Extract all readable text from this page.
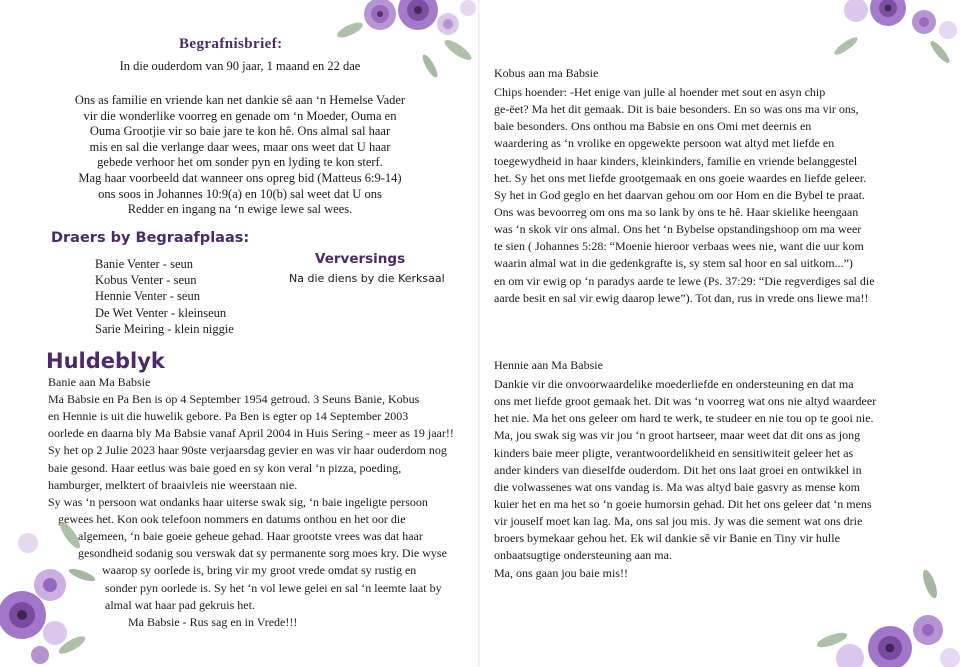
Begrafnisbrief:
In die ouderdom van 90 jaar, 1 maand en 22 dae

Ons as familie en vriende kan net dankie sê aan ‘n Hemelse Vader

vir die wonderlike voorreg en genade om ‘n Moeder, Ouma en

Ouma Grootjie vir so baie jare te kon hê. Ons almal sal haar

mis en sal die verlange daar wees, maar ons weet dat U haar

gebede verhoor het om sonder pyn en lyding te kon sterf.

Mag haar voorbeeld dat wanneer ons opreg bid (Matteus 6:9-14)

ons soos in Johannes 10:9(a) en 10(b) sal weet dat U ons

Redder en ingang na ‘n ewige lewe sal wees.

Draers by Begraafplaas:
Banie Venter - seun
Kobus Venter - seun
Hennie Venter - seun
De Wet Venter - kleinseun
Sarie Meiring - klein niggie
Verversings
Na die diens by die Kerksaal
Huldeblyk
Banie aan Ma Babsie
Ma Babsie en Pa Ben is op 4 September 1954 getroud. 3 Seuns Banie, Kobus
en Hennie is uit die huwelik gebore. Pa Ben is egter op 14 September 2003
oorlede en daarna bly Ma Babsie vanaf April 2004 in Huis Sering - meer as 19 jaar!!
Sy het op 2 Julie 2023 haar 90ste verjaarsdag gevier en was vir haar ouderdom nog
baie gesond. Haar eetlus was baie goed en sy kon veral ‘n pizza, poeding,
hamburger, melktert of braaivleis nie weerstaan nie.
Sy was ‘n persoon wat ondanks haar uiterse swak sig, ‘n baie ingeligte persoon
gewees het. Kon ook telefoon nommers en datums onthou en het oor die
algemeen, ‘n baie goeie geheue gehad. Haar grootste vrees was dat haar
gesondheid sodanig sou verswak dat sy permanente sorg moes kry. Die wyse
waarop sy oorlede is, bring vir my groot vrede omdat sy rustig en
sonder pyn oorlede is. Sy het ‘n vol lewe gelei en sal ‘n leemte laat by
almal wat haar pad gekruis het.
Ma Babsie - Rus sag en in Vrede!!!
Kobus aan ma Babsie
Chips hoender: -Het enige van julle al hoender met sout en asyn chip
ge-ëet? Ma het dit gemaak. Dit is baie besonders. En so was ons ma vir ons,
baie besonders. Ons onthou ma Babsie en ons Omi met deernis en
waardering as ‘n vrolike en opgewekte persoon wat altyd met liefde en
toegewydheid in haar kinders, kleinkinders, familie en vriende belanggestel
het. Sy het ons met liefde grootgemaak en ons goeie waardes en liefde geleer.
Sy het in God geglo en het daarvan gehou om oor Hom en die Bybel te praat.
Ons was bevoorreg om ons ma so lank by ons te hê. Haar skielike heengaan
was ‘n skok vir ons almal. Ons het ‘n Bybelse opstandingshoop om ma weer
te sien ( Johannes 5:28: “Moenie hieroor verbaas wees nie, want die uur kom
waarin almal wat in die gedenkgrafte is, sy stem sal hoor en sal uitkom...”)
en om vir ewig op ‘n paradys aarde te lewe (Ps. 37:29: “Die regverdiges sal die
aarde besit en sal vir ewig daarop lewe”). Tot dan, rus in vrede ons liewe ma!!
Hennie aan Ma Babsie
Dankie vir die onvoorwaardelike moederliefde en ondersteuning en dat ma
ons met liefde groot gemaak het. Dit was ‘n voorreg wat ons nie altyd waardeer
het nie. Ma het ons geleer om hard te werk, te studeer en nie tou op te gooi nie.
Ma, jou swak sig was vir jou ‘n groot hartseer, maar weet dat dit ons as jong
kinders baie meer pligte, verantwoordelikheid en sensitiwiteit geleer het as
ander kinders van dieselfde ouderdom. Dit het ons laat groei en ontwikkel in
die volwassenes wat ons vandag is. Ma was altyd baie gasvry as mense kom
kuier het en ma het so ‘n goeie humorsin gehad. Dit het ons geleer dat ‘n mens
vir jouself moet kan lag. Ma, ons sal jou mis. Jy was die sement wat ons drie
broers bymekaar gehou het. Ek wil dankie sê vir Banie en Tiny vir hulle
onbaatsugtige ondersteuning aan ma.
Ma, ons gaan jou baie mis!!
